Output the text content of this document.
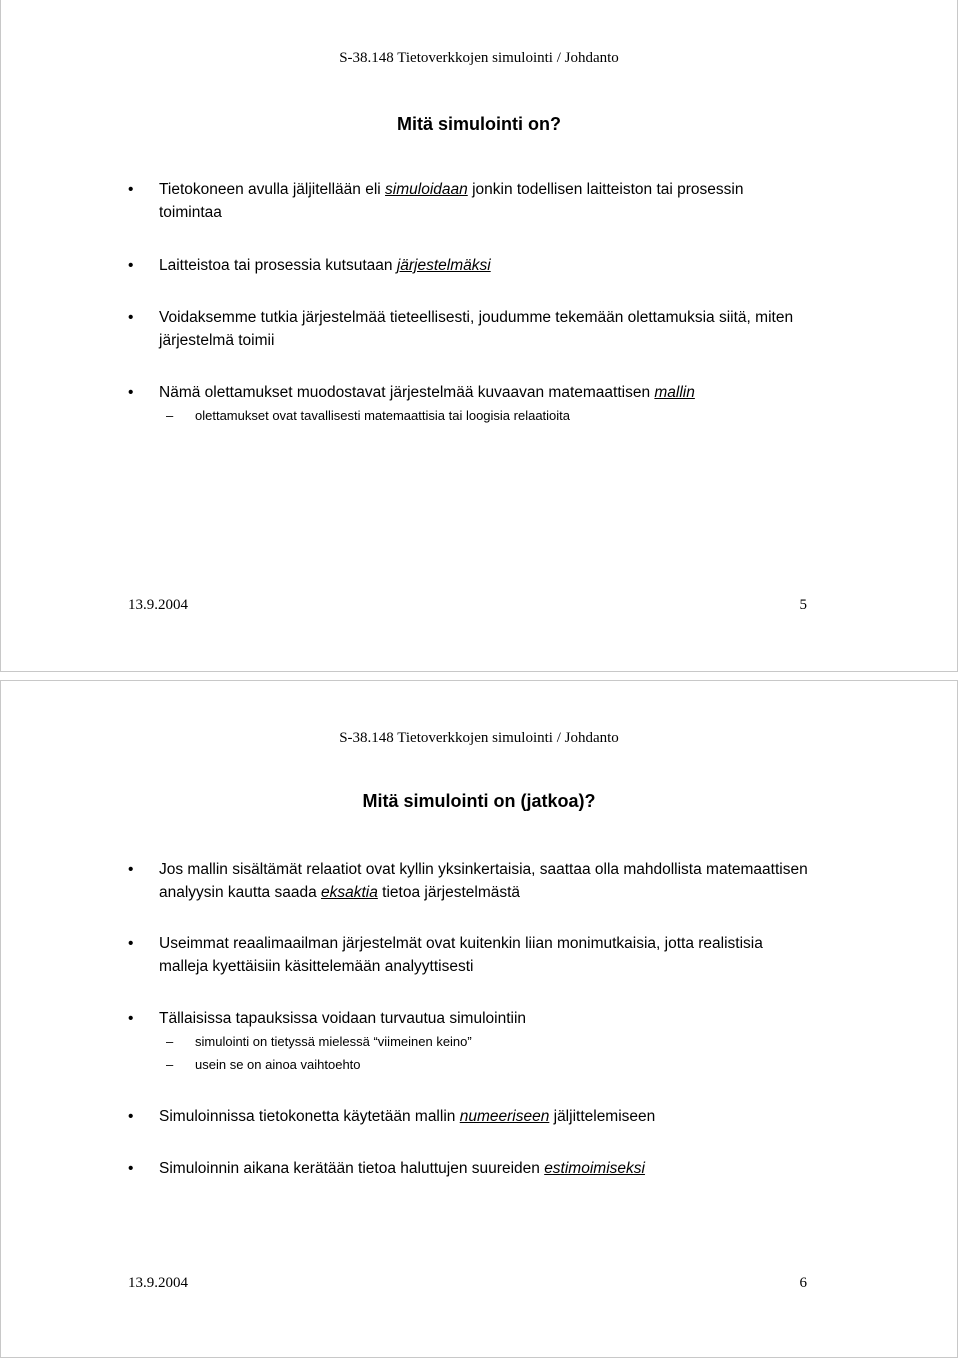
S-38.148 Tietoverkkojen simulointi / Johdanto
Mitä simulointi on?
• Tietokoneen avulla jäljitellään eli simuloidaan jonkin todellisen laitteiston tai prosessin toimintaa
• Laitteistoa tai prosessia kutsutaan järjestelmäksi
• Voidaksemme tutkia järjestelmää tieteellisesti, joudumme tekemään olettamuksia siitä, miten järjestelmä toimii
• Nämä olettamukset muodostavat järjestelmää kuvaavan matemaattisen mallin
– olettamukset ovat tavallisesti matemaattisia tai loogisia relaatioita
13.9.2004	5
S-38.148 Tietoverkkojen simulointi / Johdanto
Mitä simulointi on (jatkoa)?
• Jos mallin sisältämät relaatiot ovat kyllin yksinkertaisia, saattaa olla mahdollista matemaattisen analyysin kautta saada eksaktia tietoa järjestelmästä
• Useimmat reaalimaailman järjestelmät ovat kuitenkin liian monimutkaisia, jotta realistisia malleja kyettäisiin käsittelemään analyyttisesti
• Tällaisissa tapauksissa voidaan turvautua simulointiin
– simulointi on tietyssä mielessä “viimeinen keino”
– usein se on ainoa vaihtoehto
• Simuloinnissa tietokonetta käytetään mallin numeeriseen jäljittelemiseen
• Simuloinnin aikana kerätään tietoa haluttujen suureiden estimoimiseksi
13.9.2004	6
